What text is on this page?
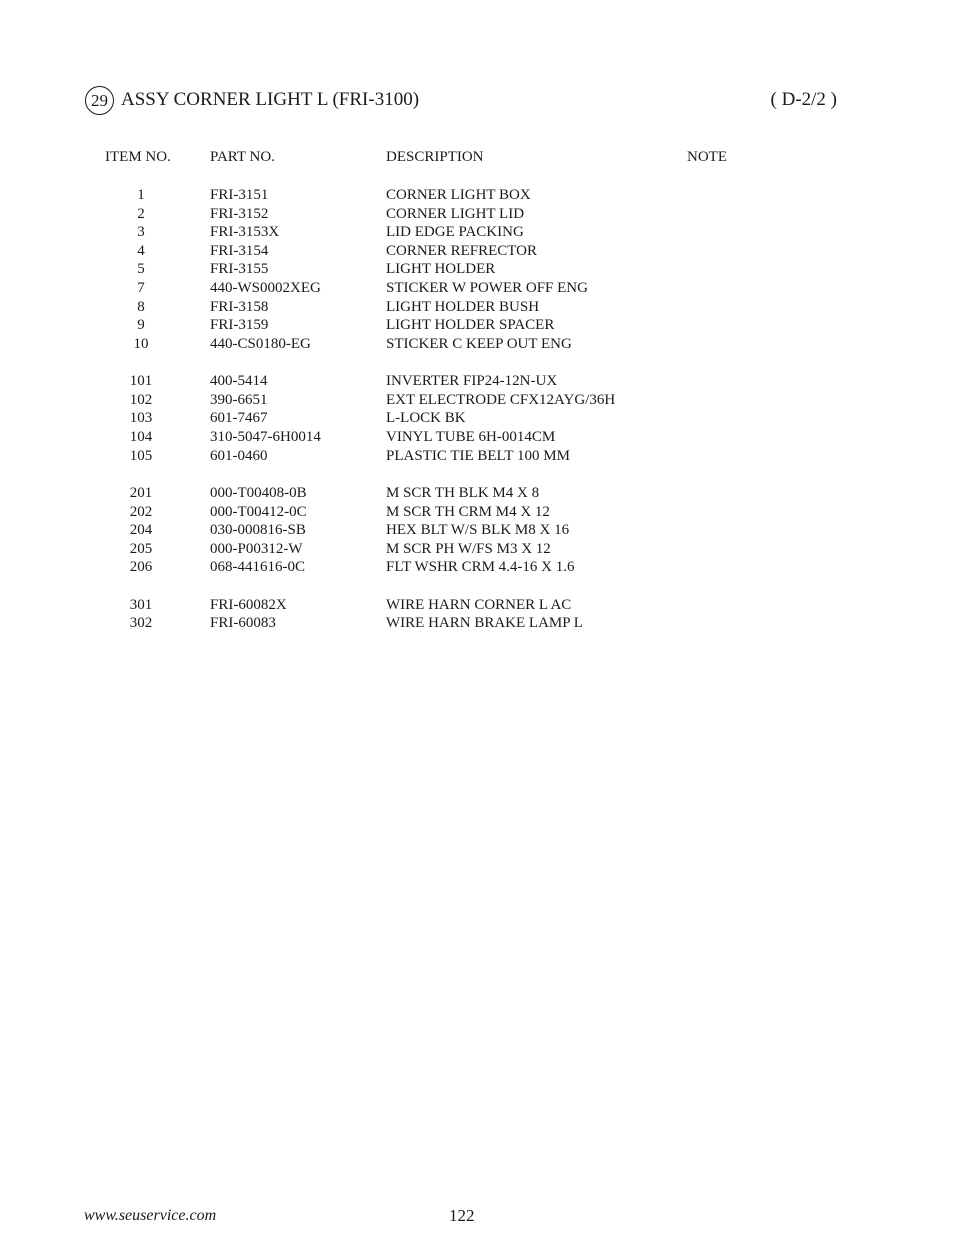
29 ASSY CORNER LIGHT L (FRI-3100)	( D-2/2 )
ITEM NO.	PART NO.	DESCRIPTION	NOTE
1	FRI-3151	CORNER LIGHT BOX
2	FRI-3152	CORNER LIGHT LID
3	FRI-3153X	LID EDGE PACKING
4	FRI-3154	CORNER REFRECTOR
5	FRI-3155	LIGHT HOLDER
7	440-WS0002XEG	STICKER W POWER OFF ENG
8	FRI-3158	LIGHT HOLDER BUSH
9	FRI-3159	LIGHT HOLDER SPACER
10	440-CS0180-EG	STICKER C KEEP OUT ENG
101	400-5414	INVERTER FIP24-12N-UX
102	390-6651	EXT ELECTRODE CFX12AYG/36H
103	601-7467	L-LOCK BK
104	310-5047-6H0014	VINYL TUBE 6H-0014CM
105	601-0460	PLASTIC TIE BELT 100 MM
201	000-T00408-0B	M SCR TH BLK M4 X 8
202	000-T00412-0C	M SCR TH CRM M4 X 12
204	030-000816-SB	HEX BLT W/S BLK M8 X 16
205	000-P00312-W	M SCR PH W/FS M3 X 12
206	068-441616-0C	FLT WSHR CRM 4.4-16 X 1.6
301	FRI-60082X	WIRE HARN CORNER L AC
302	FRI-60083	WIRE HARN BRAKE LAMP L
www.seuservice.com	122
